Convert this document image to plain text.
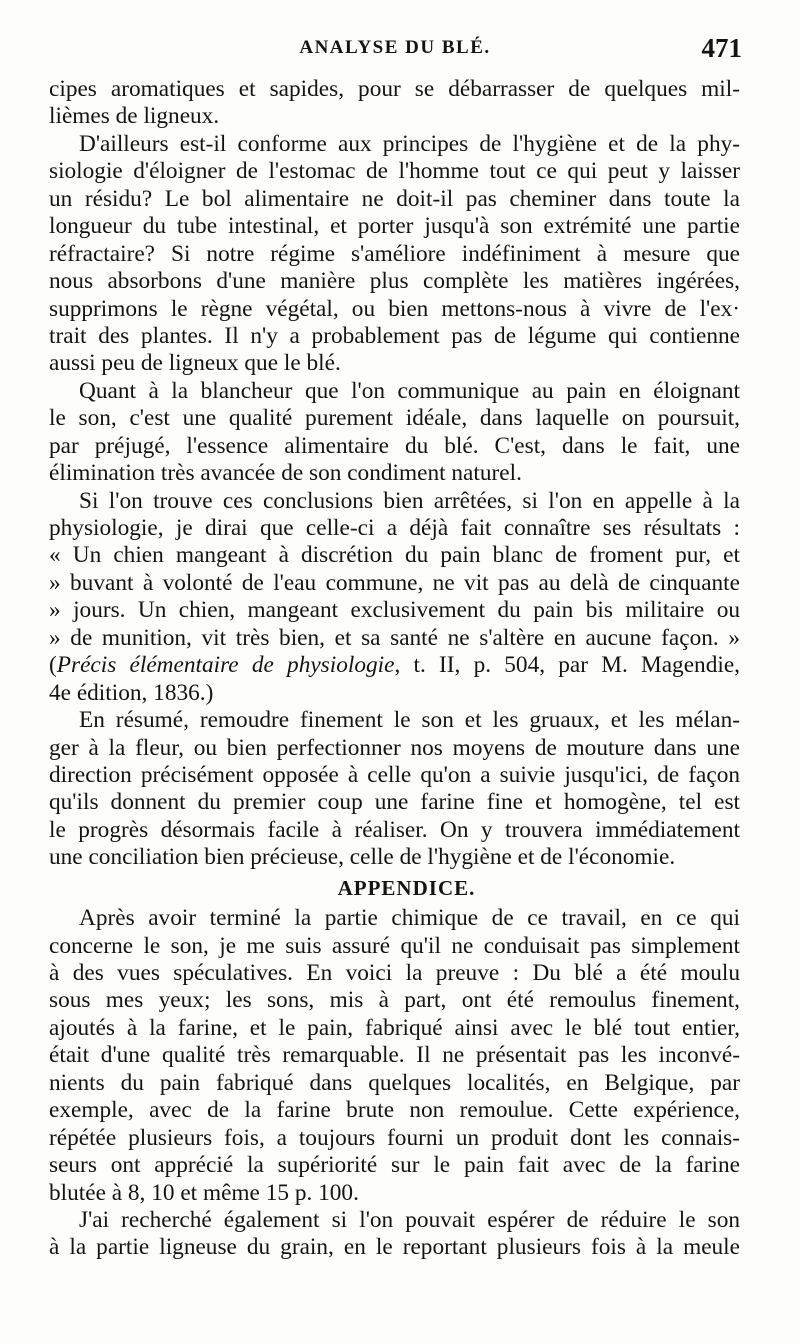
ANALYSE DU BLÉ.	471
cipes aromatiques et sapides, pour se débarrasser de quelques mil-
lièmes de ligneux.
D'ailleurs est-il conforme aux principes de l'hygiène et de la phy-
siologie d'éloigner de l'estomac de l'homme tout ce qui peut y laisser
un résidu? Le bol alimentaire ne doit-il pas cheminer dans toute la
longueur du tube intestinal, et porter jusqu'à son extrémité une partie
réfractaire? Si notre régime s'améliore indéfiniment à mesure que
nous absorbons d'une manière plus complète les matières ingérées,
supprimons le règne végétal, ou bien mettons-nous à vivre de l'ex·
trait des plantes. Il n'y a probablement pas de légume qui contienne
aussi peu de ligneux que le blé.
Quant à la blancheur que l'on communique au pain en éloignant
le son, c'est une qualité purement idéale, dans laquelle on poursuit,
par préjugé, l'essence alimentaire du blé. C'est, dans le fait, une
élimination très avancée de son condiment naturel.
Si l'on trouve ces conclusions bien arrêtées, si l'on en appelle à la
physiologie, je dirai que celle-ci a déjà fait connaître ses résultats :
« Un chien mangeant à discrétion du pain blanc de froment pur, et
» buvant à volonté de l'eau commune, ne vit pas au delà de cinquante
» jours. Un chien, mangeant exclusivement du pain bis militaire ou
» de munition, vit très bien, et sa santé ne s'altère en aucune façon. »
(Précis élémentaire de physiologie, t. II, p. 504, par M. Magendie,
4e édition, 1836.)
En résumé, remoudre finement le son et les gruaux, et les mélan-
ger à la fleur, ou bien perfectionner nos moyens de mouture dans une
direction précisément opposée à celle qu'on a suivie jusqu'ici, de façon
qu'ils donnent du premier coup une farine fine et homogène, tel est
le progrès désormais facile à réaliser. On y trouvera immédiatement
une conciliation bien précieuse, celle de l'hygiène et de l'économie.
APPENDICE.
Après avoir terminé la partie chimique de ce travail, en ce qui
concerne le son, je me suis assuré qu'il ne conduisait pas simplement
à des vues spéculatives. En voici la preuve : Du blé a été moulu
sous mes yeux; les sons, mis à part, ont été remoulus finement,
ajoutés à la farine, et le pain, fabriqué ainsi avec le blé tout entier,
était d'une qualité très remarquable. Il ne présentait pas les inconvé-
nients du pain fabriqué dans quelques localités, en Belgique, par
exemple, avec de la farine brute non remoulue. Cette expérience,
répétée plusieurs fois, a toujours fourni un produit dont les connais-
seurs ont apprécié la supériorité sur le pain fait avec de la farine
blutée à 8, 10 et même 15 p. 100.
J'ai recherché également si l'on pouvait espérer de réduire le son
à la partie ligneuse du grain, en le reportant plusieurs fois à la meule
